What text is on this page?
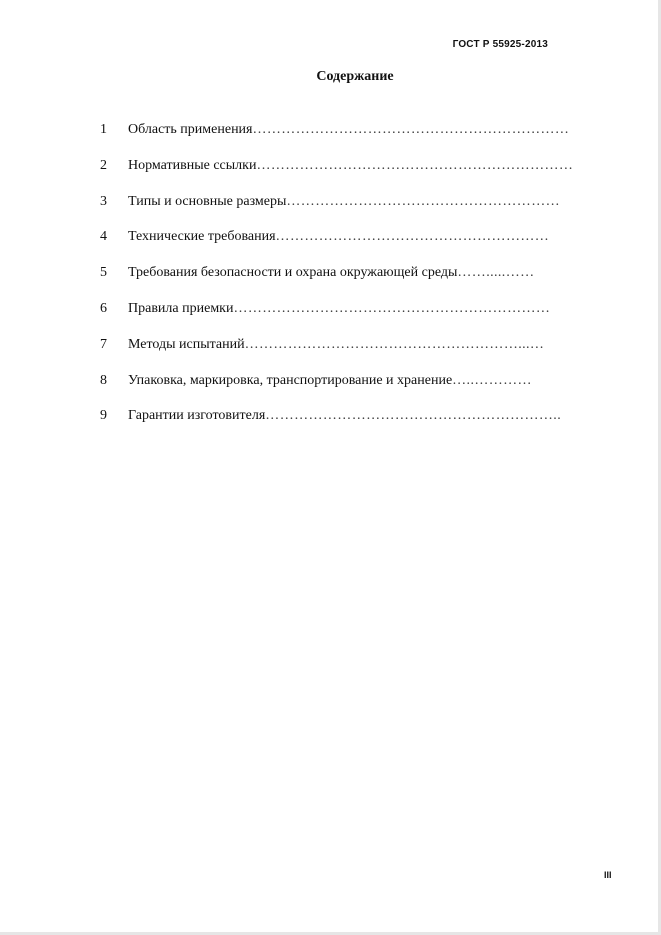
ГОСТ Р 55925-2013
Содержание
1	Область применения …………………………………………………………
2	Нормативные ссылки …………………………………………………………
3	Типы и основные размеры …………………………………………………
4	Технические требования …………………………………………………
5	Требования безопасности и охрана окружающей среды …….....……
6	Правила приемки …………………………………………………………
7	Методы испытаний …………………………………………………...…
8	Упаковка, маркировка, транспортирование и хранение …..…………
9	Гарантии изготовителя ……………………………………………………..
III
